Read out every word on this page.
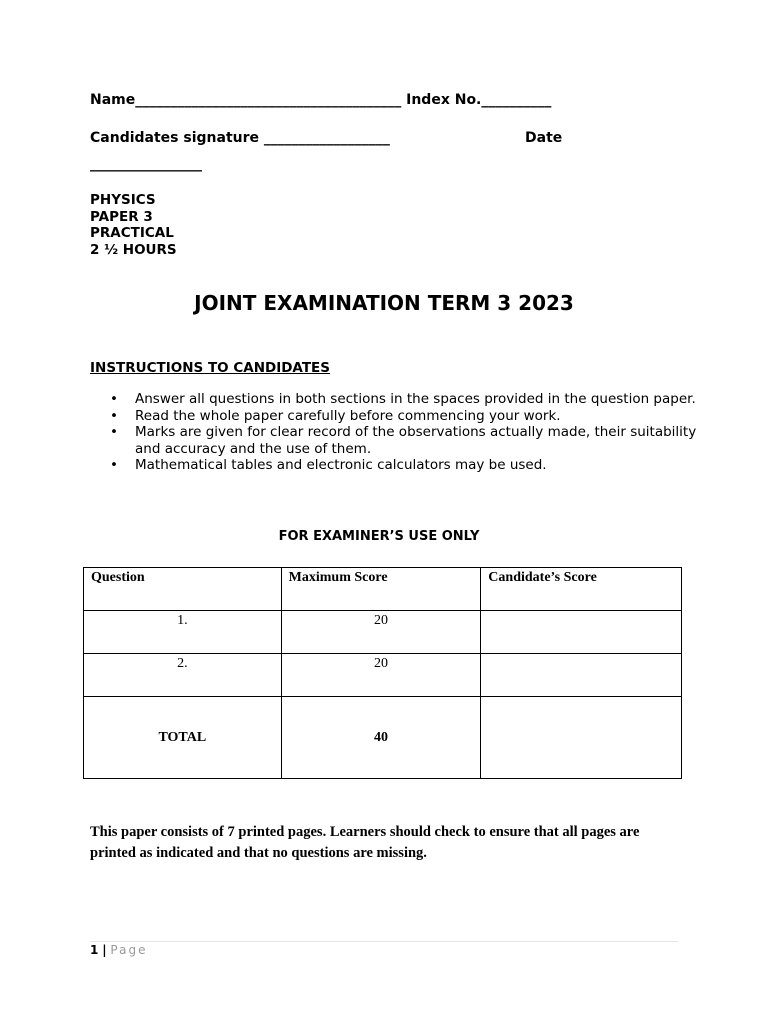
Name______________________________________ Index No.__________
Candidates signature __________________	Date
________________
PHYSICS
PAPER 3
PRACTICAL
2 ½ HOURS
JOINT EXAMINATION TERM 3 2023
INSTRUCTIONS TO CANDIDATES
• Answer all questions in both sections in the spaces provided in the question paper.
• Read the whole paper carefully before commencing your work.
• Marks are given for clear record of the observations actually made, their suitability and accuracy and the use of them.
• Mathematical tables and electronic calculators may be used.
FOR EXAMINER’S USE ONLY
Question	Maximum Score	Candidate’s Score
1.	20	
2.	20	
TOTAL	40	
This paper consists of 7 printed pages. Learners should check to ensure that all pages are printed as indicated and that no questions are missing.
1 | Page
